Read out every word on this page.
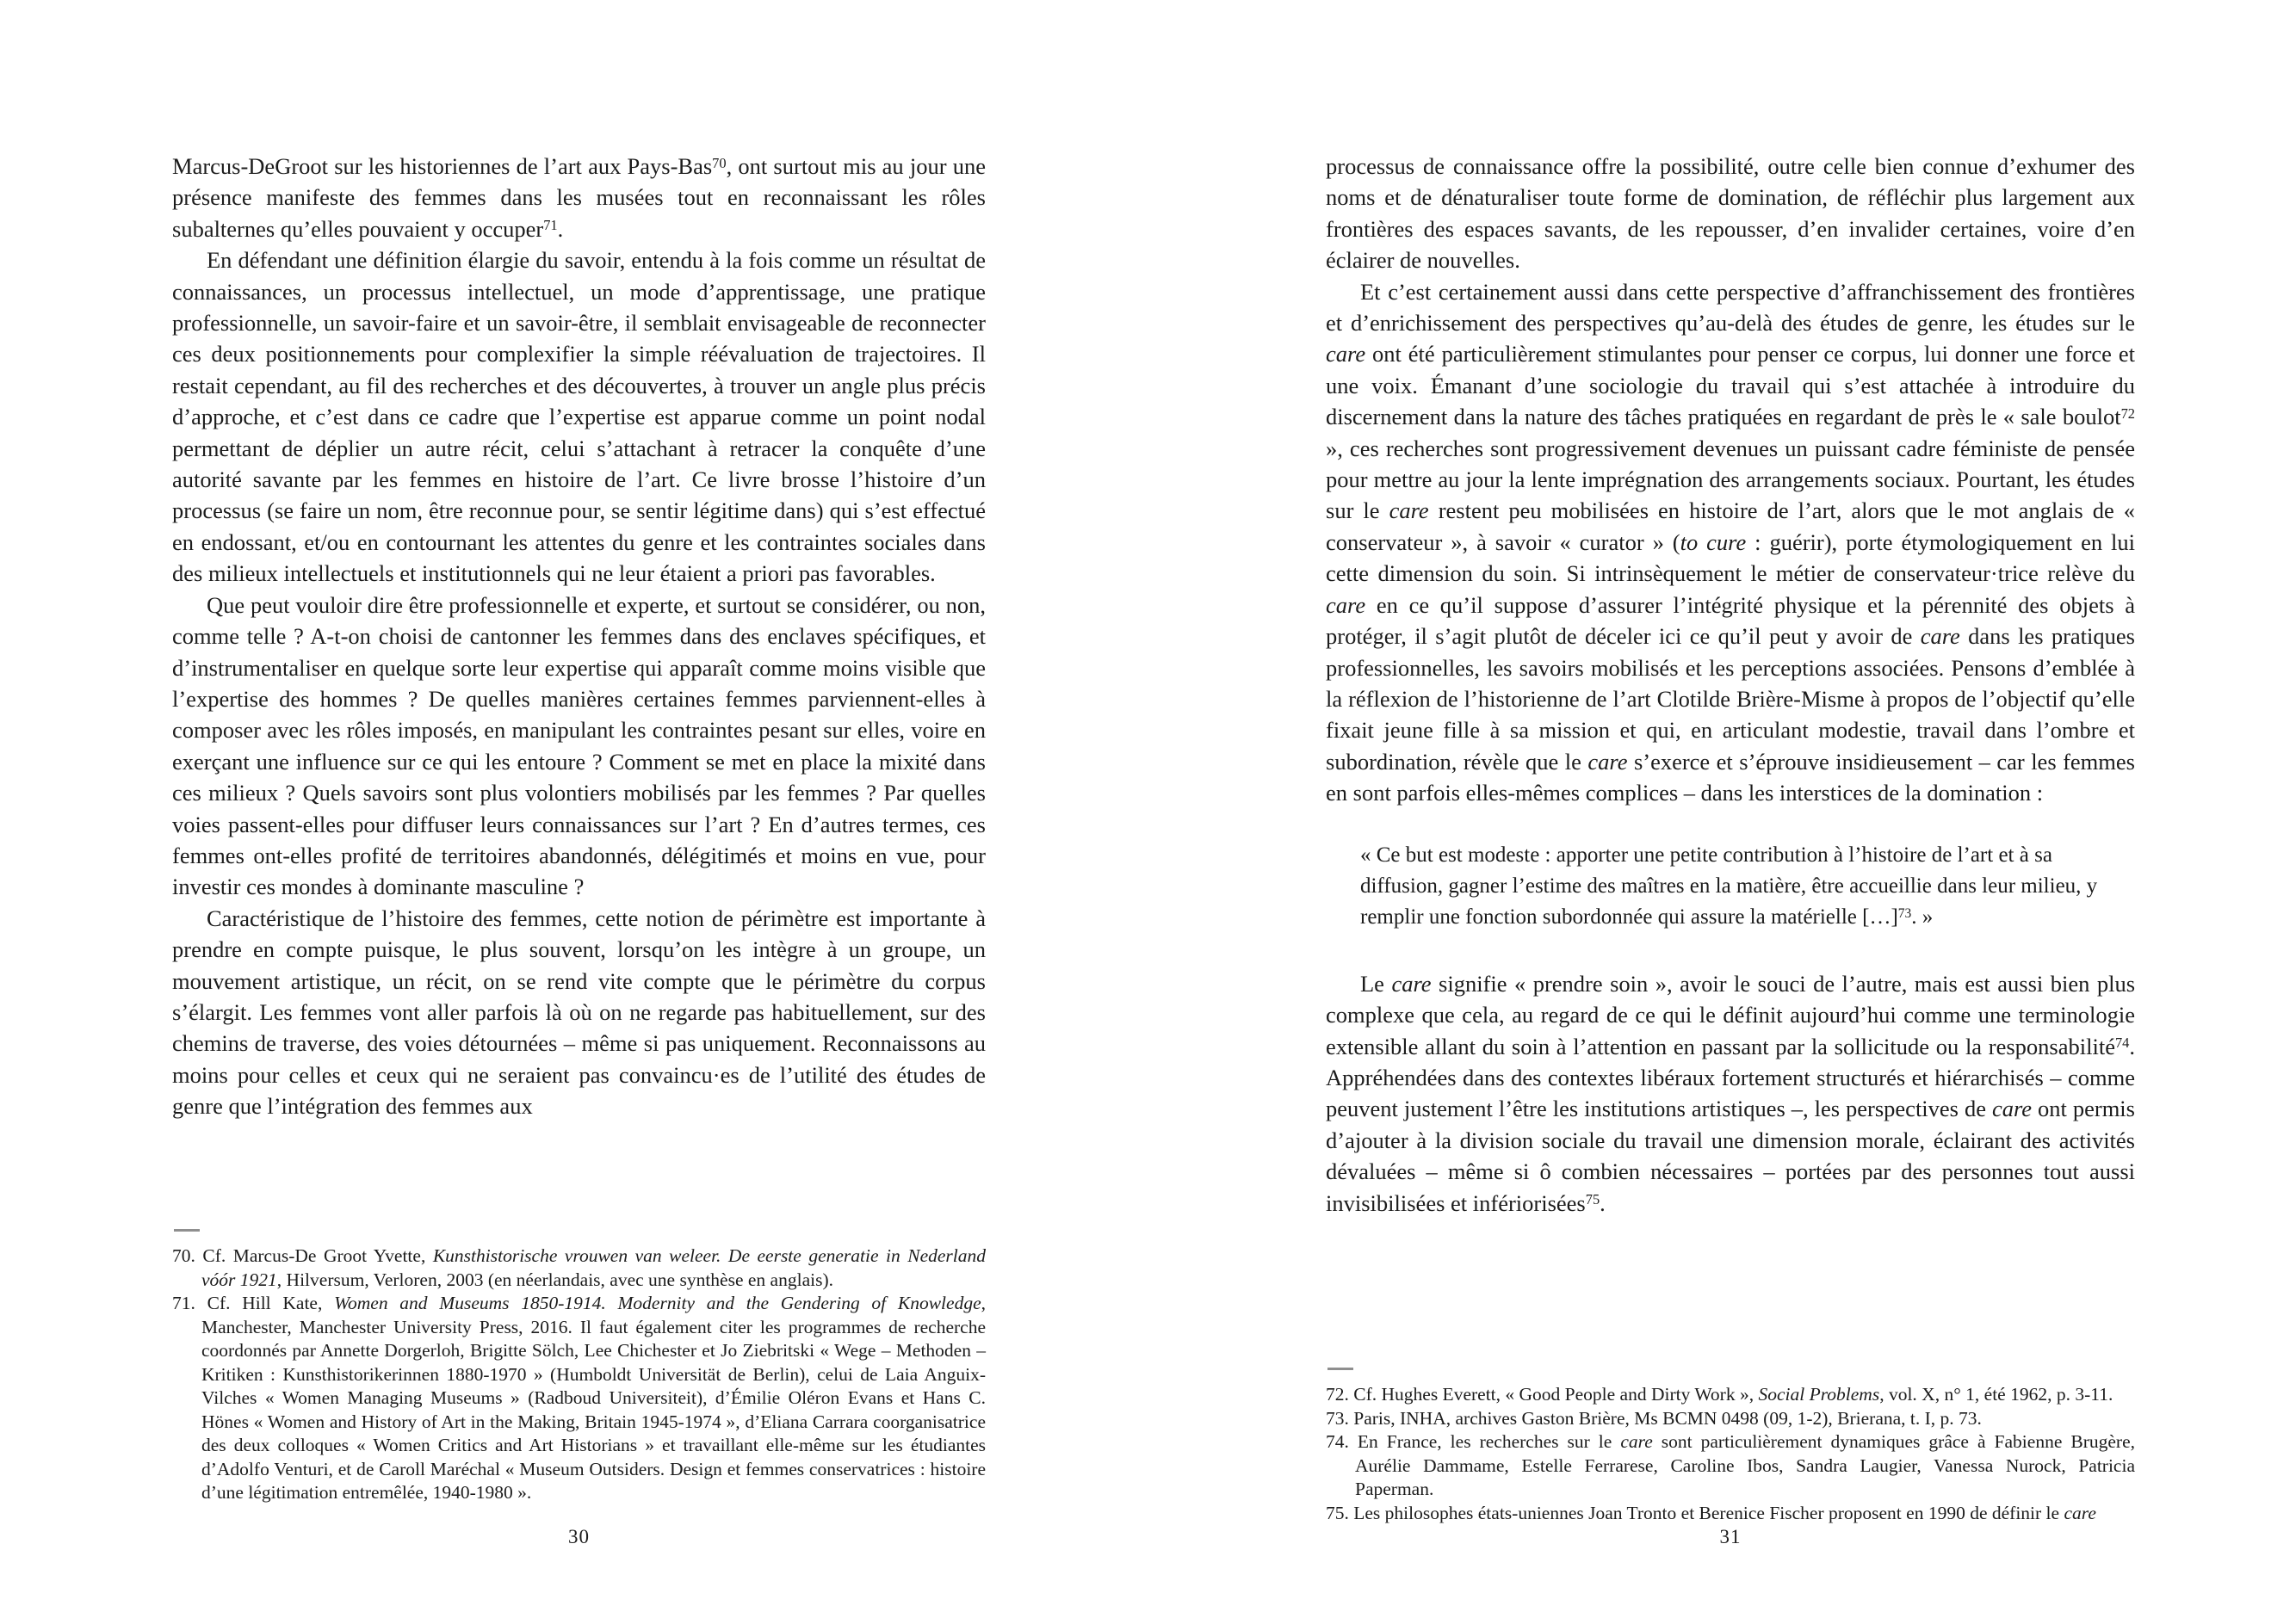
Marcus-DeGroot sur les historiennes de l’art aux Pays-Bas$^{70}$, ont surtout mis au jour une présence manifeste des femmes dans les musées tout en reconnaissant les rôles subalternes qu’elles pouvaient y occuper$^{71}$.

En défendant une définition élargie du savoir, entendu à la fois comme un résultat de connaissances, un processus intellectuel, un mode d’apprentissage, une pratique professionnelle, un savoir-faire et un savoir-être, il semblait envisageable de reconnecter ces deux positionnements pour complexifier la simple réévaluation de trajectoires. Il restait cependant, au fil des recherches et des découvertes, à trouver un angle plus précis d’approche, et c’est dans ce cadre que l’expertise est apparue comme un point nodal permettant de déplier un autre récit, celui s’attachant à retracer la conquête d’une autorité savante par les femmes en histoire de l’art. Ce livre brosse l’histoire d’un processus (se faire un nom, être reconnue pour, se sentir légitime dans) qui s’est effectué en endossant, et/ou en contournant les attentes du genre et les contraintes sociales dans des milieux intellectuels et institutionnels qui ne leur étaient a priori pas favorables.

Que peut vouloir dire être professionnelle et experte, et surtout se considérer, ou non, comme telle ? A-t-on choisi de cantonner les femmes dans des enclaves spécifiques, et d’instrumentaliser en quelque sorte leur expertise qui apparaît comme moins visible que l’expertise des hommes ? De quelles manières certaines femmes parviennent-elles à composer avec les rôles imposés, en manipulant les contraintes pesant sur elles, voire en exerçant une influence sur ce qui les entoure ? Comment se met en place la mixité dans ces milieux ? Quels savoirs sont plus volontiers mobilisés par les femmes ? Par quelles voies passent-elles pour diffuser leurs connaissances sur l’art ? En d’autres termes, ces femmes ont-elles profité de territoires abandonnés, délégitimés et moins en vue, pour investir ces mondes à dominante masculine ?

Caractéristique de l’histoire des femmes, cette notion de périmètre est importante à prendre en compte puisque, le plus souvent, lorsqu’on les intègre à un groupe, un mouvement artistique, un récit, on se rend vite compte que le périmètre du corpus s’élargit. Les femmes vont aller parfois là où on ne regarde pas habituellement, sur des chemins de traverse, des voies détournées – même si pas uniquement. Reconnaissons au moins pour celles et ceux qui ne seraient pas convaincu·es de l’utilité des études de genre que l’intégration des femmes aux

70. Cf. Marcus-De Groot Yvette, Kunsthistorische vrouwen van weleer. De eerste generatie in Nederland vóór 1921, Hilversum, Verloren, 2003 (en néerlandais, avec une synthèse en anglais).

71. Cf. Hill Kate, Women and Museums 1850-1914. Modernity and the Gendering of Knowledge, Manchester, Manchester University Press, 2016. Il faut également citer les programmes de recherche coordonnés par Annette Dorgerloh, Brigitte Sölch, Lee Chichester et Jo Ziebritski « Wege – Methoden – Kritiken : Kunsthistorikerinnen 1880-1970 » (Humboldt Universität de Berlin), celui de Laia Anguix-Vilches « Women Managing Museums » (Radboud Universiteit), d’Émilie Oléron Evans et Hans C. Hönes « Women and History of Art in the Making, Britain 1945-1974 », d’Eliana Carrara coorganisatrice des deux colloques « Women Critics and Art Historians » et travaillant elle-même sur les étudiantes d’Adolfo Venturi, et de Caroll Maréchal « Museum Outsiders. Design et femmes conservatrices : histoire d’une légitimation entremêlée, 1940-1980 ».

30

processus de connaissance offre la possibilité, outre celle bien connue d’exhumer des noms et de dénaturaliser toute forme de domination, de réfléchir plus largement aux frontières des espaces savants, de les repousser, d’en invalider certaines, voire d’en éclairer de nouvelles.

Et c’est certainement aussi dans cette perspective d’affranchissement des frontières et d’enrichissement des perspectives qu’au-delà des études de genre, les études sur le care ont été particulièrement stimulantes pour penser ce corpus, lui donner une force et une voix. Émanant d’une sociologie du travail qui s’est attachée à introduire du discernement dans la nature des tâches pratiquées en regardant de près le « sale boulot$^{72}$ », ces recherches sont progressivement devenues un puissant cadre féministe de pensée pour mettre au jour la lente imprégnation des arrangements sociaux. Pourtant, les études sur le care restent peu mobilisées en histoire de l’art, alors que le mot anglais de « conservateur », à savoir « curator » (to cure : guérir), porte étymologiquement en lui cette dimension du soin. Si intrinsèquement le métier de conservateur·trice relève du care en ce qu’il suppose d’assurer l’intégrité physique et la pérennité des objets à protéger, il s’agit plutôt de déceler ici ce qu’il peut y avoir de care dans les pratiques professionnelles, les savoirs mobilisés et les perceptions associées. Pensons d’emblée à la réflexion de l’historienne de l’art Clotilde Brière-Misme à propos de l’objectif qu’elle fixait jeune fille à sa mission et qui, en articulant modestie, travail dans l’ombre et subordination, révèle que le care s’exerce et s’éprouve insidieusement – car les femmes en sont parfois elles-mêmes complices – dans les interstices de la domination :

« Ce but est modeste : apporter une petite contribution à l’histoire de l’art et à sa diffusion, gagner l’estime des maîtres en la matière, être accueillie dans leur milieu, y remplir une fonction subordonnée qui assure la matérielle […]$^{73}$. »

Le care signifie « prendre soin », avoir le souci de l’autre, mais est aussi bien plus complexe que cela, au regard de ce qui le définit aujourd’hui comme une terminologie extensible allant du soin à l’attention en passant par la sollicitude ou la responsabilité$^{74}$. Appréhendées dans des contextes libéraux fortement structurés et hiérarchisés – comme peuvent justement l’être les institutions artistiques –, les perspectives de care ont permis d’ajouter à la division sociale du travail une dimension morale, éclairant des activités dévaluées – même si ô combien nécessaires – portées par des personnes tout aussi invisibilisées et infériorisées$^{75}$.

72. Cf. Hughes Everett, « Good People and Dirty Work », Social Problems, vol. X, n° 1, été 1962, p. 3-11.

73. Paris, INHA, archives Gaston Brière, Ms BCMN 0498 (09, 1-2), Brierana, t. I, p. 73.

74. En France, les recherches sur le care sont particulièrement dynamiques grâce à Fabienne Brugère, Aurélie Dammame, Estelle Ferrarese, Caroline Ibos, Sandra Laugier, Vanessa Nurock, Patricia Paperman.

75. Les philosophes états-uniennes Joan Tronto et Berenice Fischer proposent en 1990 de définir le care

31
